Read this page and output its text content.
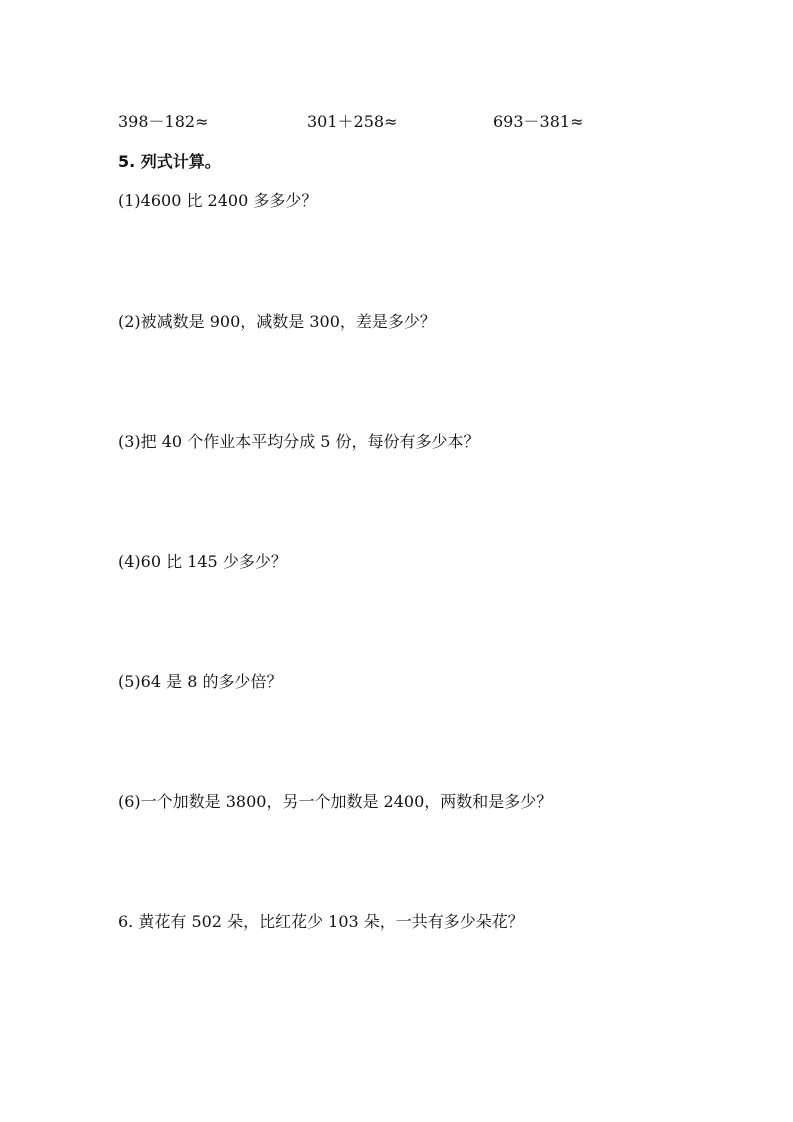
398－182≈	301＋258≈	693－381≈
5. 列式计算。
(1)4600 比 2400 多多少？
(2)被减数是 900，减数是 300，差是多少？
(3)把 40 个作业本平均分成 5 份，每份有多少本？
(4)60 比 145 少多少？
(5)64 是 8 的多少倍？
(6)一个加数是 3800，另一个加数是 2400，两数和是多少？
6. 黄花有 502 朵，比红花少 103 朵，一共有多少朵花？
